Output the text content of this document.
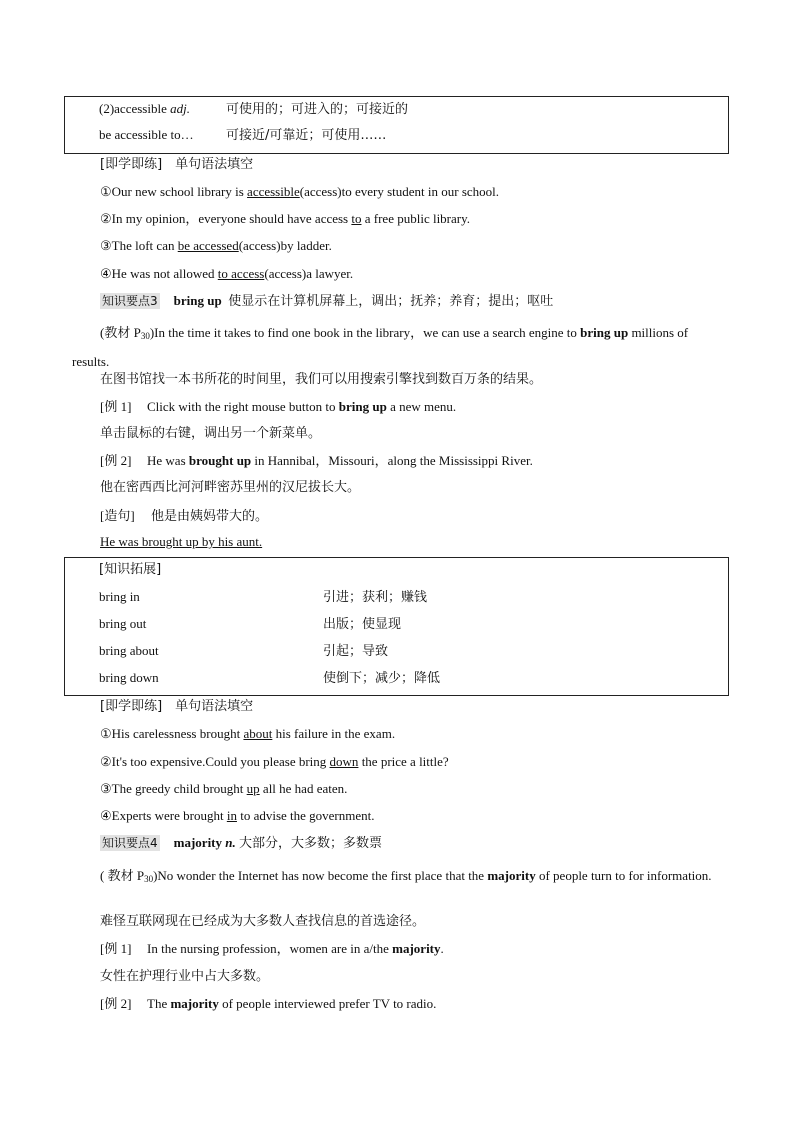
(2)accessible adj.	可使用的；可进入的；可接近的
be accessible to… 可接近/可靠近；可使用……
[即学即练]　单句语法填空
①Our new school library is accessible(access)to every student in our school.
②In my opinion，everyone should have access to a free public library.
③The loft can be accessed(access)by ladder.
④He was not allowed to access(access)a lawyer.
知识要点3 bring up 使显示在计算机屏幕上，调出；抚养；养育；提出；呕吐
(教材 $P_{30})In$ the time it takes to find one book in the library，we can use a search engine to bring up millions of results.
在图书馆找一本书所花的时间里，我们可以用搜索引擎找到数百万条的结果。
[例 1] Click with the right mouse button to bring up a new menu.
单击鼠标的右键，调出另一个新菜单。
[例 2] He was brought up in Hannibal，Missouri，along the Mississippi River.
他在密西西比河河畔密苏里州的汉尼拔长大。
[造句] 他是由姨妈带大的。
He was brought up by his aunt.
[知识拓展]
bring in	引进；获利；赚钱
bring out	出版；使显现
bring about	引起；导致
bring down	使倒下；减少；降低
[即学即练]　单句语法填空
①His carelessness brought about his failure in the exam.
②It's too expensive.Could you please bring down the price a little?
③The greedy child brought up all he had eaten.
④Experts were brought in to advise the government.
知识要点4 majority n. 大部分，大多数；多数票
( 教材 $P_{30})No$ wonder the Internet has now become the first place that the majority of people turn to for information.
难怪互联网现在已经成为大多数人查找信息的首选途径。
[例 1] In the nursing profession，women are in a/the majority.
女性在护理行业中占大多数。
[例 2] The majority of people interviewed prefer TV to radio.
